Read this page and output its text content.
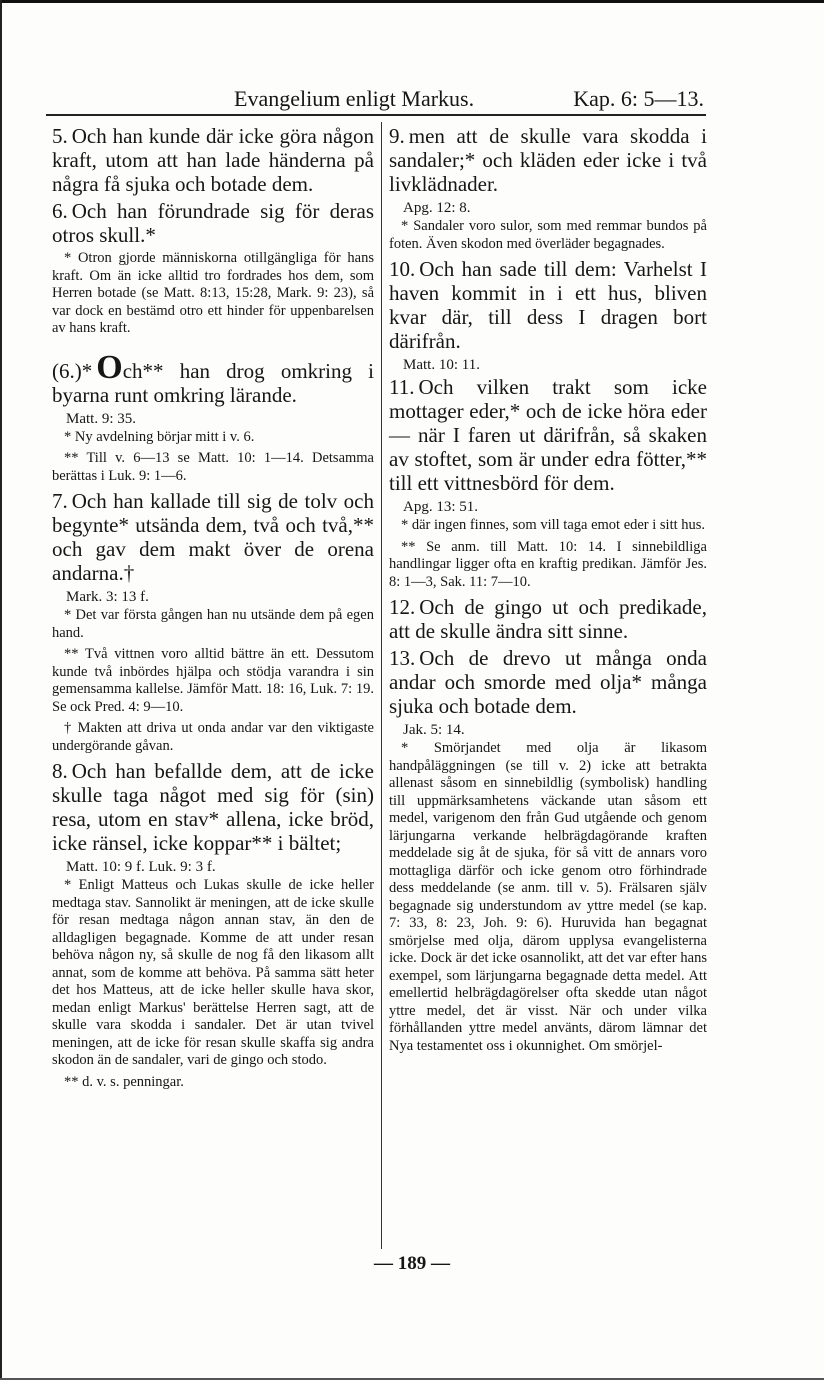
Evangelium enligt Markus.	Kap. 6: 5—13.

5. Och han kunde där icke göra någon kraft, utom att han lade händerna på några få sjuka och botade dem.

6. Och han förundrade sig för deras otros skull.*

* Otron gjorde människorna otillgängliga för hans kraft. Om än icke alltid tro fordrades hos dem, som Herren botade (se Matt. 8:13, 15:28, Mark. 9: 23), så var dock en bestämd otro ett hinder för uppenbarelsen av hans kraft.

(6.)* Och** han drog omkring i byarna runt omkring lärande.

Matt. 9: 35.

* Ny avdelning börjar mitt i v. 6.

** Till v. 6—13 se Matt. 10: 1—14. Detsamma berättas i Luk. 9: 1—6.

7. Och han kallade till sig de tolv och begynte* utsända dem, två och två,** och gav dem makt över de orena andarna.†

Mark. 3: 13 f.

* Det var första gången han nu utsände dem på egen hand.

** Två vittnen voro alltid bättre än ett. Dessutom kunde två inbördes hjälpa och stödja varandra i sin gemensamma kallelse. Jämför Matt. 18: 16, Luk. 7: 19. Se ock Pred. 4: 9—10.

† Makten att driva ut onda andar var den viktigaste undergörande gåvan.

8. Och han befallde dem, att de icke skulle taga något med sig för (sin) resa, utom en stav* allena, icke bröd, icke ränsel, icke koppar** i bältet;

Matt. 10: 9 f. Luk. 9: 3 f.

* Enligt Matteus och Lukas skulle de icke heller medtaga stav. Sannolikt är meningen, att de icke skulle för resan medtaga någon annan stav, än den de alldagligen begagnade. Komme de att under resan behöva någon ny, så skulle de nog få den likasom allt annat, som de komme att behöva. På samma sätt heter det hos Matteus, att de icke heller skulle hava skor, medan enligt Markus' berättelse Herren sagt, att de skulle vara skodda i sandaler. Det är utan tvivel meningen, att de icke för resan skulle skaffa sig andra skodon än de sandaler, vari de gingo och stodo.

** d. v. s. penningar.

9. men att de skulle vara skodda i sandaler;* och kläden eder icke i två livklädnader.

Apg. 12: 8.

* Sandaler voro sulor, som med remmar bundos på foten. Även skodon med överläder begagnades.

10. Och han sade till dem: Varhelst I haven kommit in i ett hus, bliven kvar där, till dess I dragen bort därifrån.

Matt. 10: 11.

11. Och vilken trakt som icke mottager eder,* och de icke höra eder — när I faren ut därifrån, så skaken av stoftet, som är under edra fötter,** till ett vittnesbörd för dem.

Apg. 13: 51.

* där ingen finnes, som vill taga emot eder i sitt hus.

** Se anm. till Matt. 10: 14. I sinnebildliga handlingar ligger ofta en kraftig predikan. Jämför Jes. 8: 1—3, Sak. 11: 7—10.

12. Och de gingo ut och predikade, att de skulle ändra sitt sinne.

13. Och de drevo ut många onda andar och smorde med olja* många sjuka och botade dem.

Jak. 5: 14.

* Smörjandet med olja är likasom handpåläggningen (se till v. 2) icke att betrakta allenast såsom en sinnebildlig (symbolisk) handling till uppmärksamhetens väckande utan såsom ett medel, varigenom den från Gud utgående och genom lärjungarna verkande helbrägdagörande kraften meddelade sig åt de sjuka, för så vitt de annars voro mottagliga därför och icke genom otro förhindrade dess meddelande (se anm. till v. 5). Frälsaren själv begagnade sig understundom av yttre medel (se kap. 7: 33, 8: 23, Joh. 9: 6). Huruvida han begagnat smörjelse med olja, därom upplysa evangelisterna icke. Dock är det icke osannolikt, att det var efter hans exempel, som lärjungarna begagnade detta medel. Att emellertid helbrägdagörelser ofta skedde utan något yttre medel, det är visst. När och under vilka förhållanden yttre medel använts, därom lämnar det Nya testamentet oss i okunnighet. Om smörjel-

— 189 —
